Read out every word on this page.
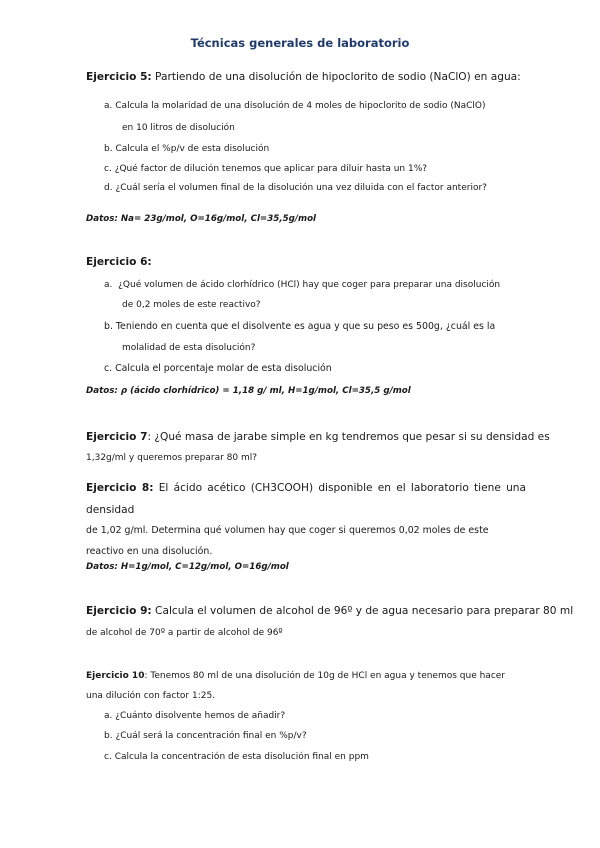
Técnicas generales de laboratorio
Ejercicio 5: Partiendo de una disolución de hipoclorito de sodio (NaClO) en agua:
a. Calcula la molaridad de una disolución de 4 moles de hipoclorito de sodio (NaClO)
en 10 litros de disolución
b. Calcula el %p/v de esta disolución
c. ¿Qué factor de dilución tenemos que aplicar para diluir hasta un 1%?
d. ¿Cuál sería el volumen final de la disolución una vez diluida con el factor anterior?
Datos: Na= 23g/mol, O=16g/mol, Cl=35,5g/mol
Ejercicio 6:
a. ¿Qué volumen de ácido clorhídrico (HCl) hay que coger para preparar una disolución
de 0,2 moles de este reactivo?
b. Teniendo en cuenta que el disolvente es agua y que su peso es 500g, ¿cuál es la
molalidad de esta disolución?
c. Calcula el porcentaje molar de esta disolución
Datos: ρ (ácido clorhídrico) = 1,18 g/ ml, H=1g/mol, Cl=35,5 g/mol
Ejercicio 7: ¿Qué masa de jarabe simple en kg tendremos que pesar si su densidad es
1,32g/ml y queremos preparar 80 ml?
Ejercicio 8: El ácido acético (CH3COOH) disponible en el laboratorio tiene una
densidad
de 1,02 g/ml. Determina qué volumen hay que coger si queremos 0,02 moles de este
reactivo en una disolución.
Datos: H=1g/mol, C=12g/mol, O=16g/mol
Ejercicio 9: Calcula el volumen de alcohol de 96º y de agua necesario para preparar 80 ml
de alcohol de 70º a partir de alcohol de 96º
Ejercicio 10: Tenemos 80 ml de una disolución de 10g de HCl en agua y tenemos que hacer
una dilución con factor 1:25.
a. ¿Cuánto disolvente hemos de añadir?
b. ¿Cuál será la concentración final en %p/v?
c. Calcula la concentración de esta disolución final en ppm
